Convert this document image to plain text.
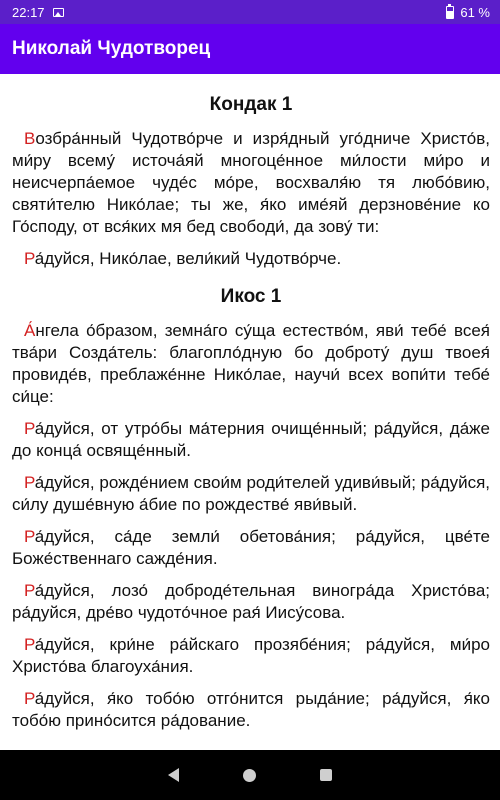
22:17	61 %
Николай Чудотворец
Кондак 1

Возбра́нный Чудотво́рче и изря́дный уго́дниче Христо́в, ми́ру всему́ источа́яй многоце́нное ми́лости ми́ро и неисчерпа́емое чуде́с мо́ре, восхваля́ю тя любо́вию, святи́телю Нико́лае; ты же, я́ко име́яй дерзнове́ние ко Го́споду, от вся́ких мя бед свободи́, да зову́ ти:

Ра́дуйся, Нико́лае, вели́кий Чудотво́рче.

Икос 1

А́нгела о́бразом, земна́го су́ща естество́м, яви́ тебе́ всея́ тва́ри Созда́тель: благопло́дную бо доброту́ душ твоея́ провиде́в, преблаже́нне Нико́лае, научи́ всех вопи́ти тебе́ си́це:

Ра́дуйся, от утро́бы ма́терния очище́нный; ра́дуйся, да́же до конца́ освяще́нный.

Ра́дуйся, рожде́нием свои́м роди́телей удиви́вый; ра́дуйся, си́лу душе́вную а́бие по рождестве́ яви́вый.

Ра́дуйся, са́де земли́ обетова́ния; ра́дуйся, цве́те Боже́ственнаго сажде́ния.

Ра́дуйся, лозо́ доброде́тельная виногра́да Христо́ва; ра́дуйся, дре́во чудото́чное рая́ Иису́сова.

Ра́дуйся, кри́не ра́йскаго прозябе́ния; ра́дуйся, ми́ро Христо́ва благоуха́ния.

Ра́дуйся, я́ко тобо́ю отго́нится рыда́ние; ра́дуйся, я́ко тобо́ю прино́сится ра́дование.
